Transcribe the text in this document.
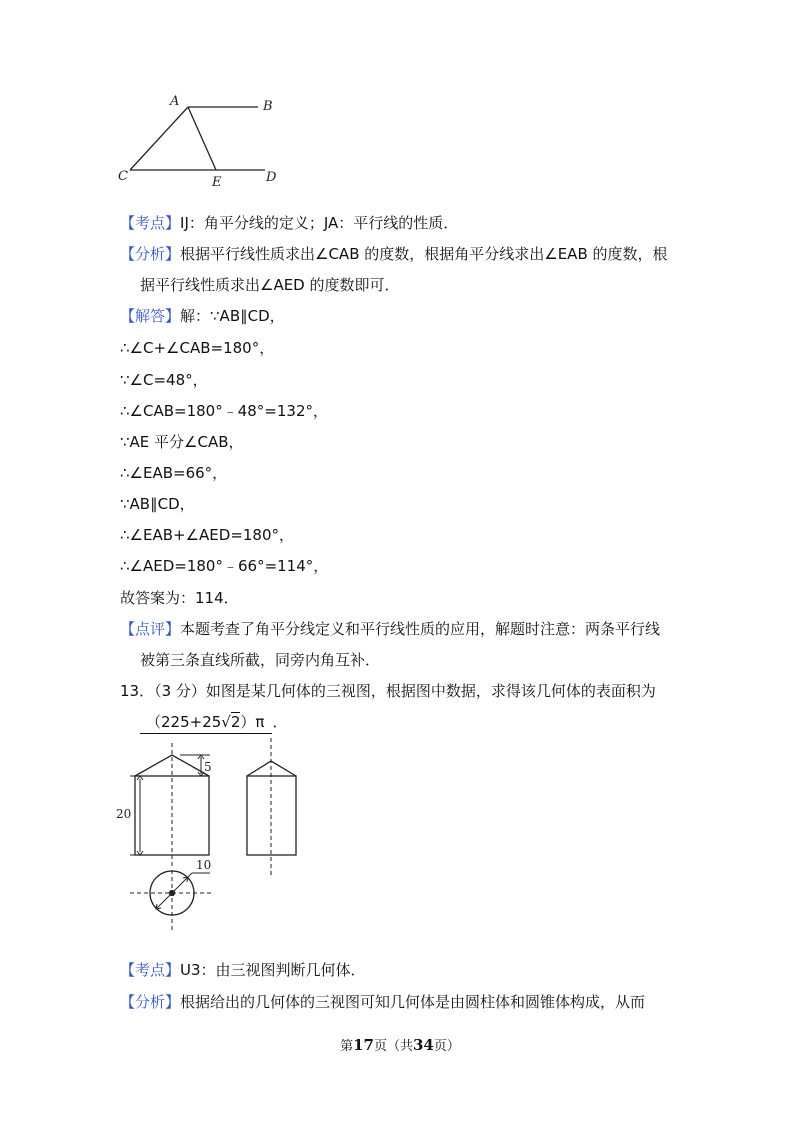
A	B
C	E	D
【考点】IJ：角平分线的定义；JA：平行线的性质．
【分析】根据平行线性质求出∠CAB 的度数，根据角平分线求出∠EAB 的度数，根
据平行线性质求出∠AED 的度数即可．
【解答】解：∵AB∥CD，
∴∠C+∠CAB=180°，
∵∠C=48°，
∴∠CAB=180°﹣48°=132°，
∵AE 平分∠CAB，
∴∠EAB=66°，
∵AB∥CD，
∴∠EAB+∠AED=180°，
∴∠AED=180°﹣66°=114°，
故答案为：114．
【点评】本题考查了角平分线定义和平行线性质的应用，解题时注意：两条平行线
被第三条直线所截，同旁内角互补．
13．（3 分）如图是某几何体的三视图，根据图中数据，求得该几何体的表面积为
（225+25√2）π ．
5
20
10
【考点】U3：由三视图判断几何体．
【分析】根据给出的几何体的三视图可知几何体是由圆柱体和圆锥体构成，从而
第17页（共34页）
